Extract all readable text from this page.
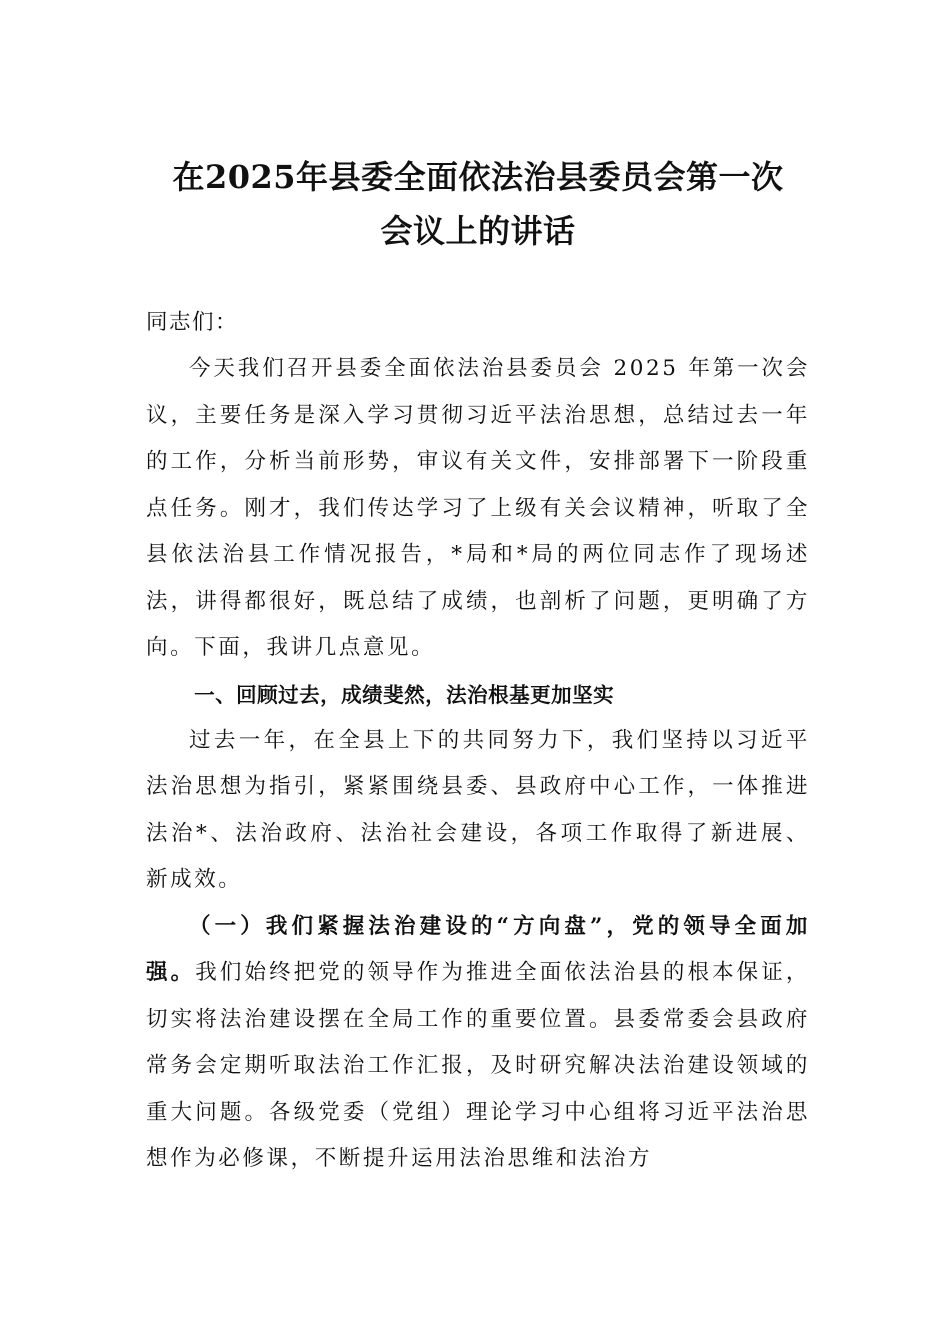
在2025年县委全面依法治县委员会第一次
会议上的讲话

同志们：

今天我们召开县委全面依法治县委员会 2025 年第一次会议，主要任务是深入学习贯彻习近平法治思想，总结过去一年的工作，分析当前形势，审议有关文件，安排部署下一阶段重点任务。刚才，我们传达学习了上级有关会议精神，听取了全县依法治县工作情况报告，*局和*局的两位同志作了现场述法，讲得都很好，既总结了成绩，也剖析了问题，更明确了方向。下面，我讲几点意见。

一、回顾过去，成绩斐然，法治根基更加坚实

过去一年，在全县上下的共同努力下，我们坚持以习近平法治思想为指引，紧紧围绕县委、县政府中心工作，一体推进法治*、法治政府、法治社会建设，各项工作取得了新进展、新成效。

（一）我们紧握法治建设的“方向盘”，党的领导全面加强。我们始终把党的领导作为推进全面依法治县的根本保证，切实将法治建设摆在全局工作的重要位置。县委常委会县政府常务会定期听取法治工作汇报，及时研究解决法治建设领域的重大问题。各级党委（党组）理论学习中心组将习近平法治思想作为必修课，不断提升运用法治思维和法治方
